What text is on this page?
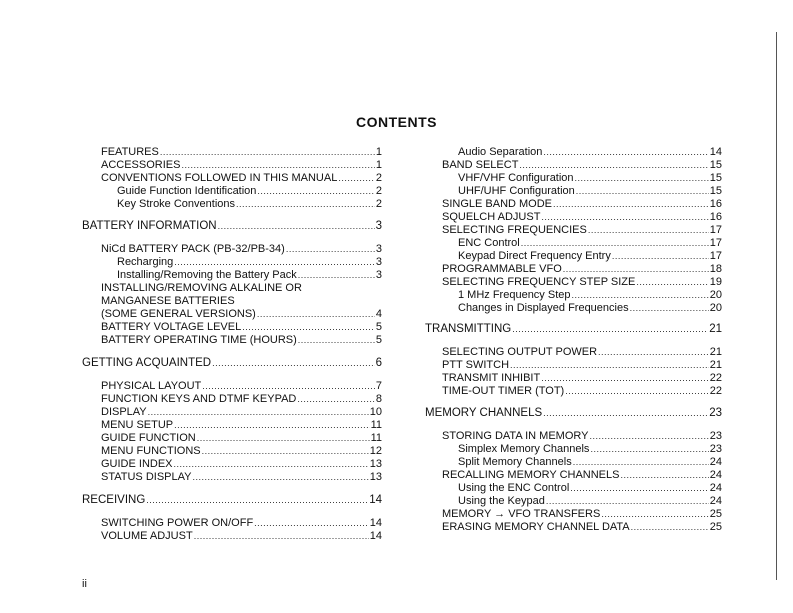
CONTENTS
FEATURES .....	1
ACCESSORIES .....	1
CONVENTIONS FOLLOWED IN THIS MANUAL .....	2
Guide Function Identification .....	2
Key Stroke Conventions .....	2
BATTERY INFORMATION .....	3
NiCd BATTERY PACK (PB-32/PB-34) .....	3
Recharging .....	3
Installing/Removing the Battery Pack .....	3
INSTALLING/REMOVING ALKALINE OR
MANGANESE BATTERIES
(SOME GENERAL VERSIONS) .....	4
BATTERY VOLTAGE LEVEL .....	5
BATTERY OPERATING TIME (HOURS) .....	5
GETTING ACQUAINTED .....	6
PHYSICAL LAYOUT .....	7
FUNCTION KEYS AND DTMF KEYPAD .....	8
DISPLAY .....	10
MENU SETUP .....	11
GUIDE FUNCTION .....	11
MENU FUNCTIONS .....	12
GUIDE INDEX .....	13
STATUS DISPLAY .....	13
RECEIVING .....	14
SWITCHING POWER ON/OFF .....	14
VOLUME ADJUST .....	14
Audio Separation .....	14
BAND SELECT .....	15
VHF/VHF Configuration .....	15
UHF/UHF Configuration .....	15
SINGLE BAND MODE .....	16
SQUELCH ADJUST .....	16
SELECTING FREQUENCIES .....	17
ENC Control .....	17
Keypad Direct Frequency Entry .....	17
PROGRAMMABLE VFO .....	18
SELECTING FREQUENCY STEP SIZE .....	19
1 MHz Frequency Step .....	20
Changes in Displayed Frequencies .....	20
TRANSMITTING .....	21
SELECTING OUTPUT POWER .....	21
PTT SWITCH .....	21
TRANSMIT INHIBIT .....	22
TIME-OUT TIMER (TOT) .....	22
MEMORY CHANNELS .....	23
STORING DATA IN MEMORY .....	23
Simplex Memory Channels .....	23
Split Memory Channels .....	24
RECALLING MEMORY CHANNELS .....	24
Using the ENC Control .....	24
Using the Keypad .....	24
MEMORY → VFO TRANSFERS .....	25
ERASING MEMORY CHANNEL DATA .....	25
ii
